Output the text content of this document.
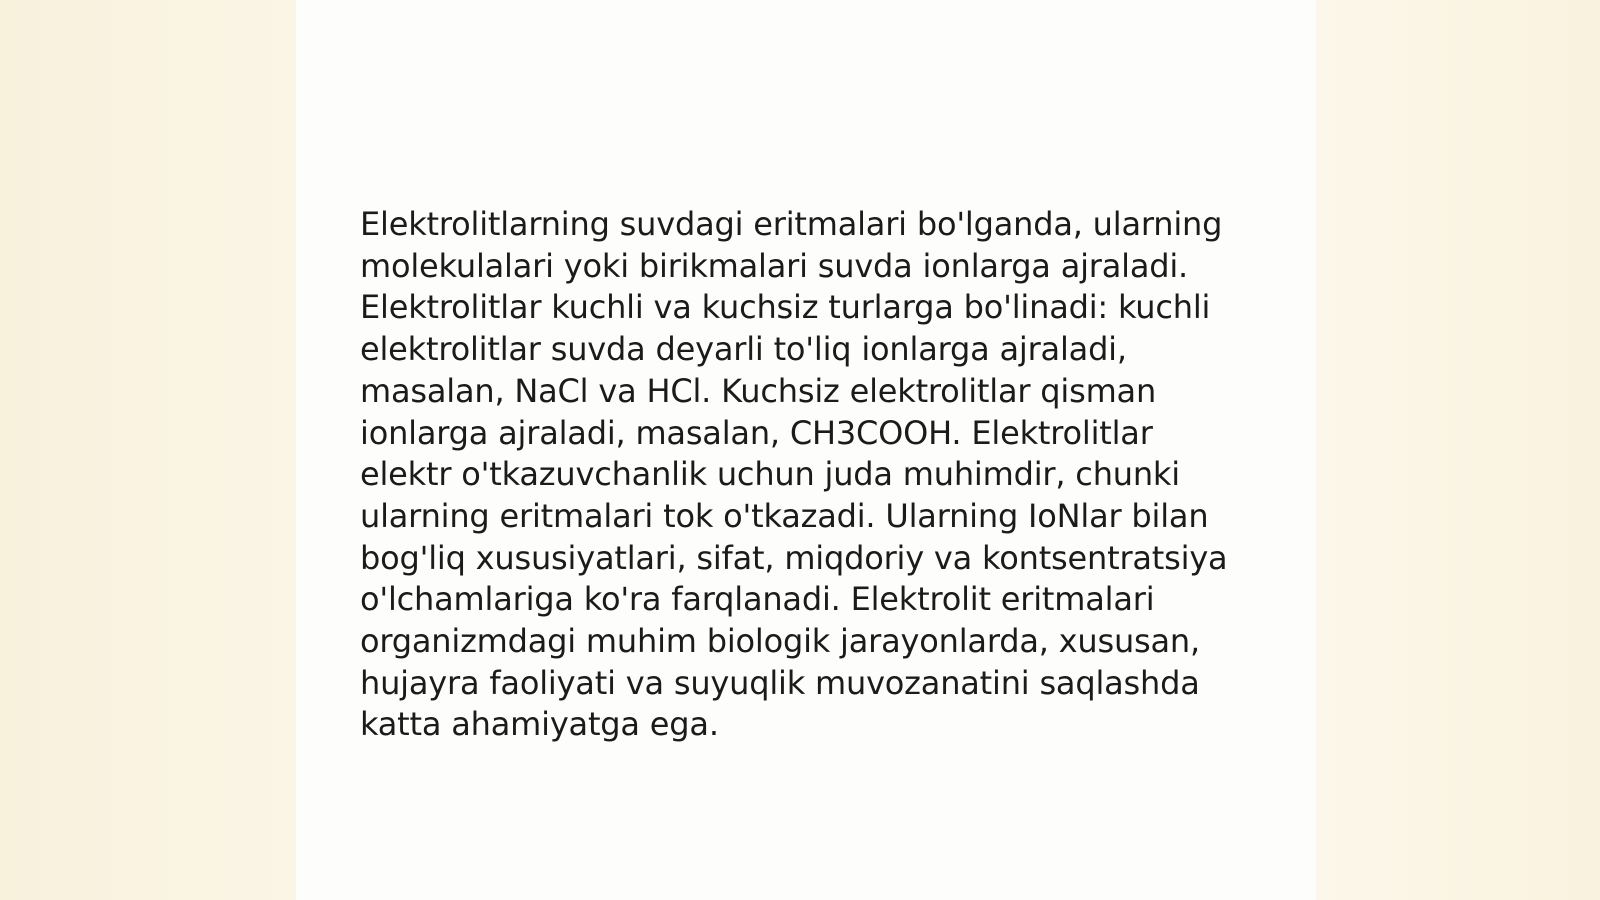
Elektrolitlarning suvdagi eritmalari bo'lganda, ularning molekulalari yoki birikmalari suvda ionlarga ajraladi. Elektrolitlar kuchli va kuchsiz turlarga bo'linadi: kuchli elektrolitlar suvda deyarli to'liq ionlarga ajraladi, masalan, NaCl va HCl. Kuchsiz elektrolitlar qisman ionlarga ajraladi, masalan, CH3COOH. Elektrolitlar elektr o'tkazuvchanlik uchun juda muhimdir, chunki ularning eritmalari tok o'tkazadi. Ularning IoNlar bilan bog'liq xususiyatlari, sifat, miqdoriy va kontsentratsiya o'lchamlariga ko'ra farqlanadi. Elektrolit eritmalari organizmdagi muhim biologik jarayonlarda, xususan, hujayra faoliyati va suyuqlik muvozanatini saqlashda katta ahamiyatga ega.
